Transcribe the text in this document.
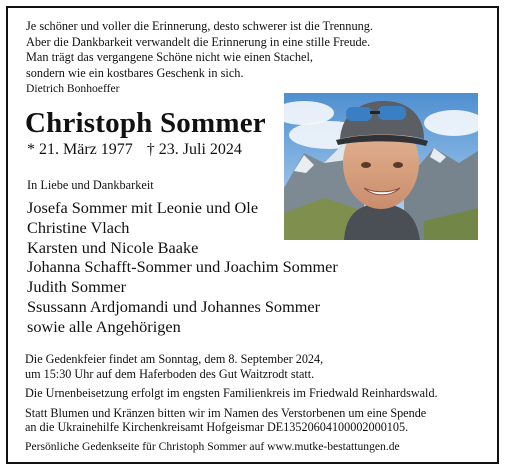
Je schöner und voller die Erinnerung, desto schwerer ist die Trennung.
Aber die Dankbarkeit verwandelt die Erinnerung in eine stille Freude.
Man trägt das vergangene Schöne nicht wie einen Stachel,
sondern wie ein kostbares Geschenk in sich.
Dietrich Bonhoeffer
Christoph Sommer
* 21. März 1977 † 23. Juli 2024
In Liebe und Dankbarkeit
Josefa Sommer mit Leonie und Ole
Christine Vlach
Karsten und Nicole Baake
Johanna Schafft-Sommer und Joachim Sommer
Judith Sommer
Ssussann Ardjomandi und Johannes Sommer
sowie alle Angehörigen

Die Gedenkfeier findet am Sonntag, dem 8. September 2024,
um 15:30 Uhr auf dem Haferboden des Gut Waitzrodt statt.

Die Urnenbeisetzung erfolgt im engsten Familienkreis im Friedwald Reinhardswald.

Statt Blumen und Kränzen bitten wir im Namen des Verstorbenen um eine Spende
an die Ukrainehilfe Kirchenkreisamt Hofgeismar DE13520604100002000105.

Persönliche Gedenkseite für Christoph Sommer auf www.mutke-bestattungen.de
